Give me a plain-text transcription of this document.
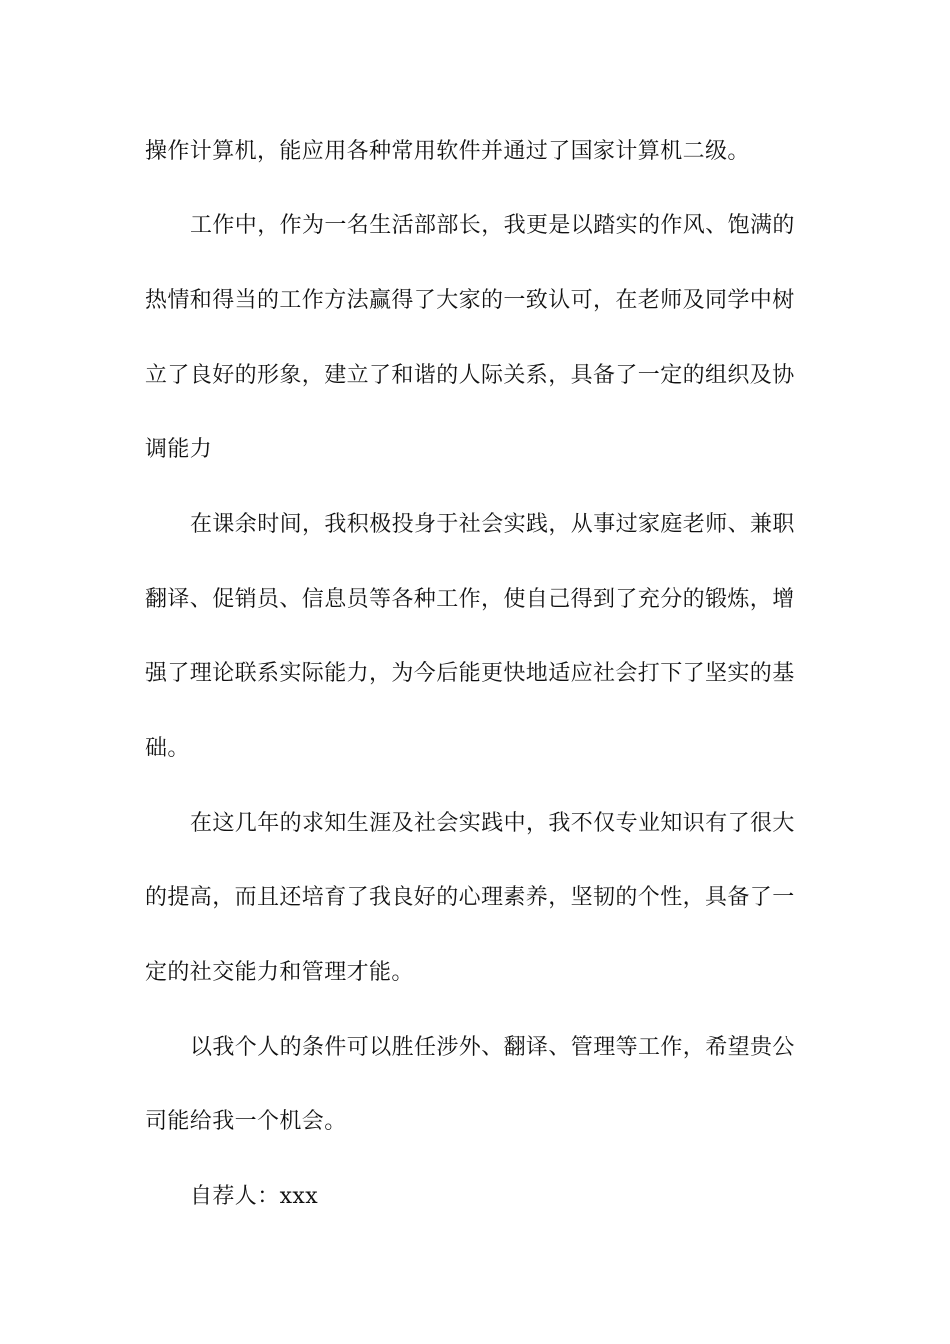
操作计算机，能应用各种常用软件并通过了国家计算机二级。
工作中，作为一名生活部部长，我更是以踏实的作风、饱满的
热情和得当的工作方法赢得了大家的一致认可，在老师及同学中树
立了良好的形象，建立了和谐的人际关系，具备了一定的组织及协
调能力
在课余时间，我积极投身于社会实践，从事过家庭老师、兼职
翻译、促销员、信息员等各种工作，使自己得到了充分的锻炼，增
强了理论联系实际能力，为今后能更快地适应社会打下了坚实的基
础。
在这几年的求知生涯及社会实践中，我不仅专业知识有了很大
的提高，而且还培育了我良好的心理素养，坚韧的个性，具备了一
定的社交能力和管理才能。
以我个人的条件可以胜任涉外、翻译、管理等工作，希望贵公
司能给我一个机会。
自荐人：xxx
